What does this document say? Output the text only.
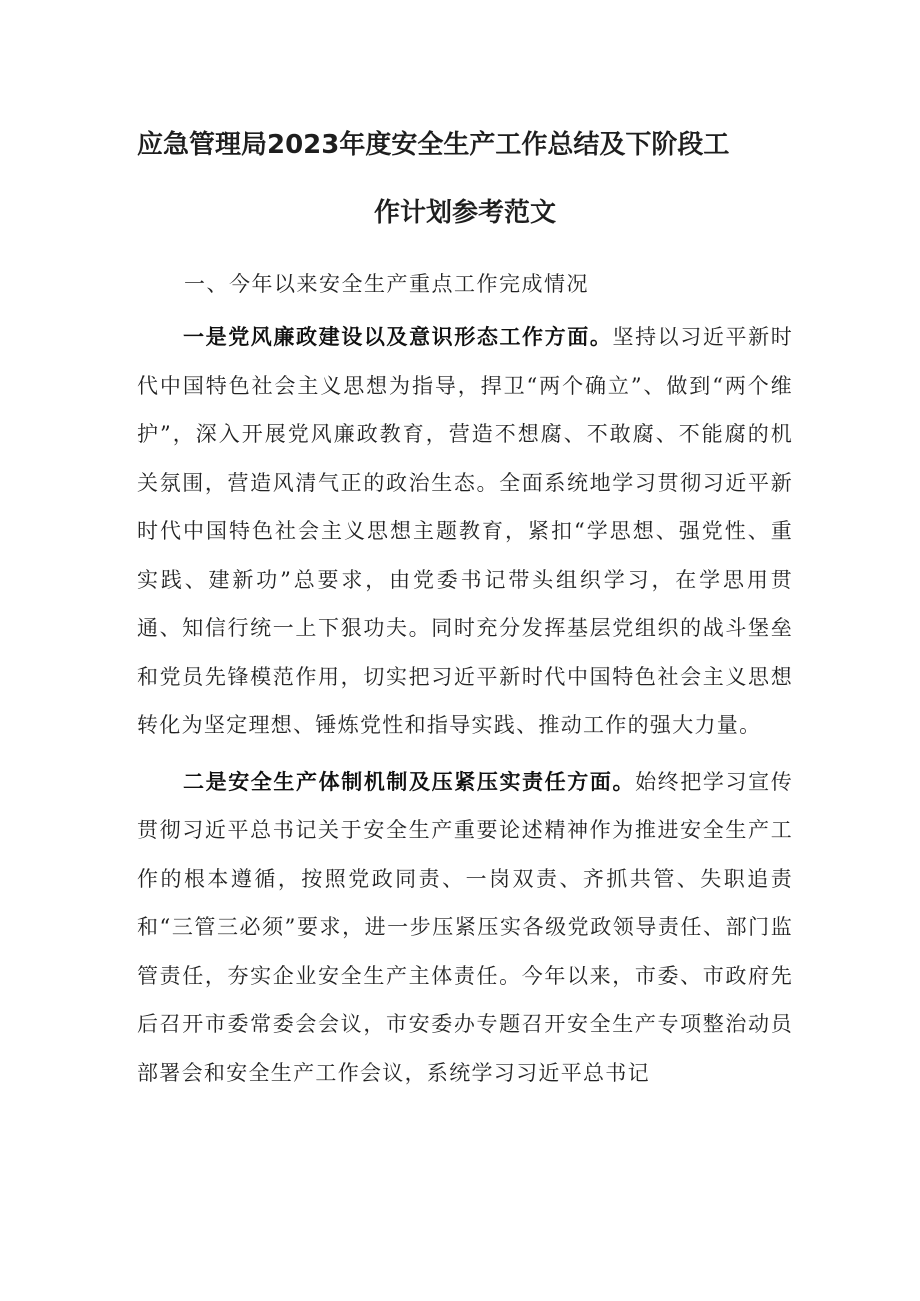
应急管理局2023年度安全生产工作总结及下阶段工
作计划参考范文

一、今年以来安全生产重点工作完成情况

一是党风廉政建设以及意识形态工作方面。坚持以习近平新时代中国特色社会主义思想为指导，捍卫“两个确立”、做到“两个维护”，深入开展党风廉政教育，营造不想腐、不敢腐、不能腐的机关氛围，营造风清气正的政治生态。全面系统地学习贯彻习近平新时代中国特色社会主义思想主题教育，紧扣“学思想、强党性、重实践、建新功”总要求，由党委书记带头组织学习，在学思用贯通、知信行统一上下狠功夫。同时充分发挥基层党组织的战斗堡垒和党员先锋模范作用，切实把习近平新时代中国特色社会主义思想转化为坚定理想、锤炼党性和指导实践、推动工作的强大力量。

二是安全生产体制机制及压紧压实责任方面。始终把学习宣传贯彻习近平总书记关于安全生产重要论述精神作为推进安全生产工作的根本遵循，按照党政同责、一岗双责、齐抓共管、失职追责和“三管三必须”要求，进一步压紧压实各级党政领导责任、部门监管责任，夯实企业安全生产主体责任。今年以来，市委、市政府先后召开市委常委会会议，市安委办专题召开安全生产专项整治动员部署会和安全生产工作会议，系统学习习近平总书记
